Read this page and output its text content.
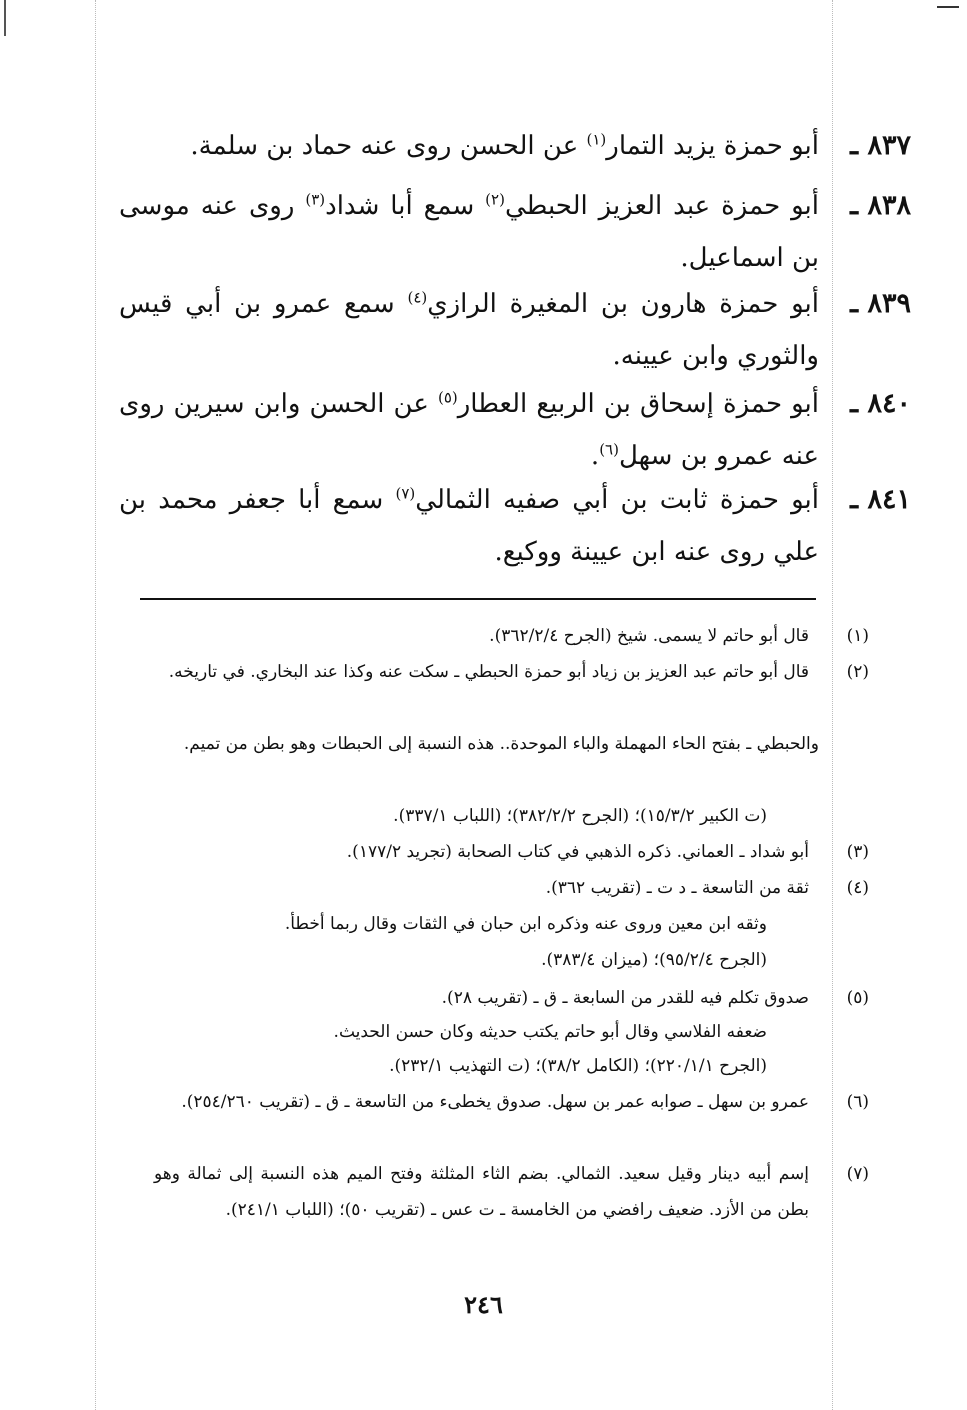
٨٣٧ ـ
أبو حمزة يزيد التمار$^{(١)}$ عن الحسن روى عنه حماد بن سلمة.
٨٣٨ ـ
أبو حمزة عبد العزيز الحبطي$^{(٢)}$ سمع أبا شداد$^{(٣)}$ روى عنه موسى بن اسماعيل.
٨٣٩ ـ
أبو حمزة هارون بن المغيرة الرازي$^{(٤)}$ سمع عمرو بن أبي قيس والثوري وابن عيينه.
٨٤٠ ـ
أبو حمزة إسحاق بن الربيع العطار$^{(٥)}$ عن الحسن وابن سيرين روى عنه عمرو بن سهل$^{(٦)}$.
٨٤١ ـ
أبو حمزة ثابت بن أبي صفيه الثمالي$^{(٧)}$ سمع أبا جعفر محمد بن علي روى عنه ابن عيينة ووكيع.
(١)
قال أبو حاتم لا يسمى. شيخ (الجرح ٣٦٢/٢/٤).
(٢)
قال أبو حاتم عبد العزيز بن زياد أبو حمزة الحبطي ـ سكت عنه وكذا عند البخاري. في تاريخه.
والحبطي ـ بفتح الحاء المهملة والباء الموحدة.. هذه النسبة إلى الحبطات وهو بطن من تميم.
(ت الكبير ١٥/٣/٢)؛ (الجرح ٣٨٢/٢/٢)؛ (اللباب ٣٣٧/١).
(٣)
أبو شداد ـ العماني. ذكره الذهبي في كتاب الصحابة (تجريد ١٧٧/٢).
(٤)
ثقة من التاسعة ـ د ت ـ (تقريب ٣٦٢).
وثقه ابن معين وروى عنه وذكره ابن حبان في الثقات وقال ربما أخطأ.
(الجرح ٩٥/٢/٤)؛ (ميزان ٣٨٣/٤).
(٥)
صدوق تكلم فيه للقدر من السابعة ـ ق ـ (تقريب ٢٨).
ضعفه الفلاسي وقال أبو حاتم يكتب حديثه وكان حسن الحديث.
(الجرح ٢٢٠/١/١)؛ (الكامل ٣٨/٢)؛ (ت التهذيب ٢٣٢/١).
(٦)
عمرو بن سهل ـ صوابه عمر بن سهل. صدوق يخطىء من التاسعة ـ ق ـ (تقريب ٢٥٤/٢٦٠).
(٧)
إسم أبيه دينار وقيل سعيد. الثمالي. بضم الثاء المثلثة وفتح الميم هذه النسبة إلى ثمالة وهو بطن من الأزد. ضعيف رافضي من الخامسة ـ ت عس ـ (تقريب ٥٠)؛ (اللباب ٢٤١/١).
٢٤٦
